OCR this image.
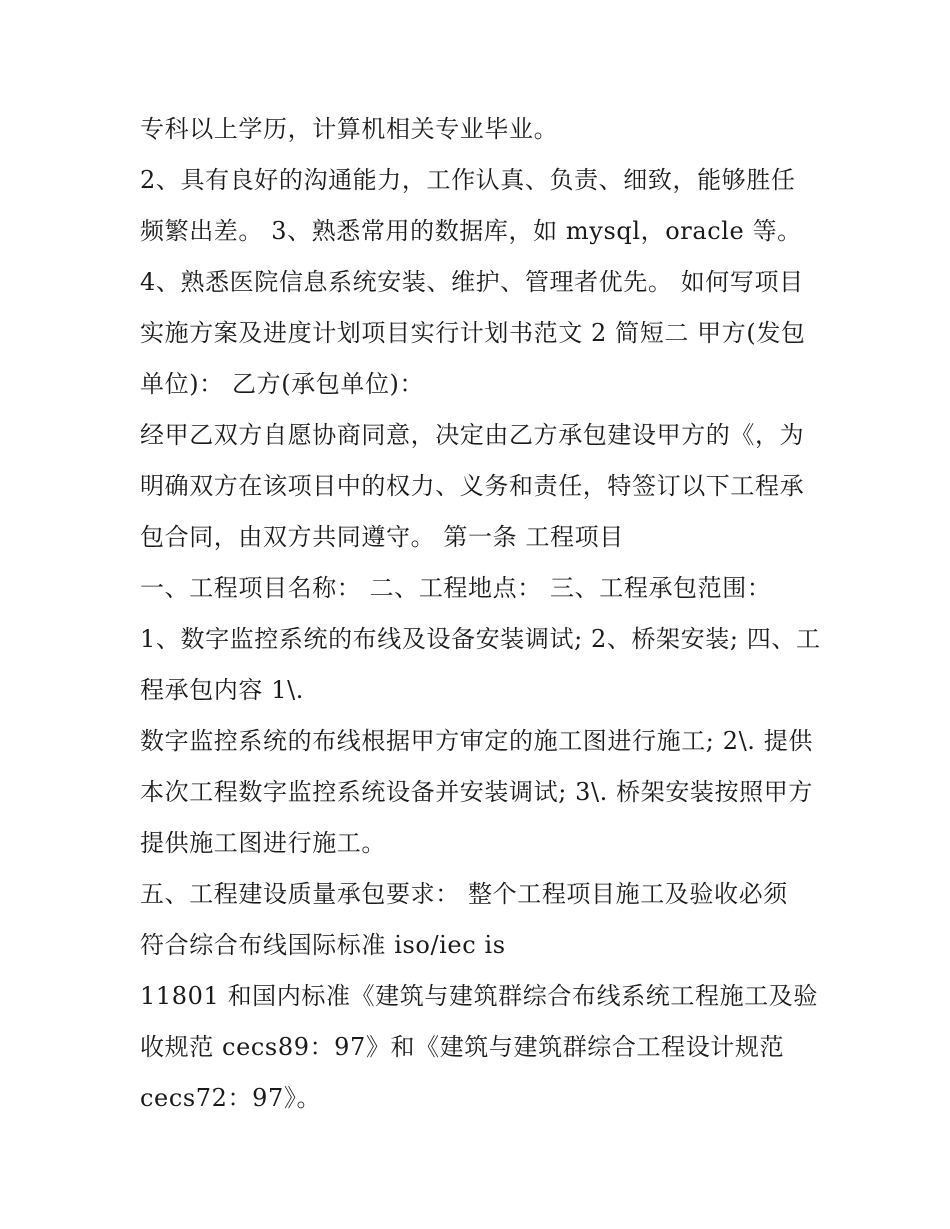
专科以上学历，计算机相关专业毕业。
2、具有良好的沟通能力，工作认真、负责、细致，能够胜任
频繁出差。 3、熟悉常用的数据库，如 mysql，oracle 等。
4、熟悉医院信息系统安装、维护、管理者优先。 如何写项目
实施方案及进度计划项目实行计划书范文 2 简短二 甲方(发包
单位)： 乙方(承包单位)：
经甲乙双方自愿协商同意，决定由乙方承包建设甲方的《，为
明确双方在该项目中的权力、义务和责任，特签订以下工程承
包合同，由双方共同遵守。 第一条 工程项目
一、工程项目名称： 二、工程地点： 三、工程承包范围：
1、数字监控系统的布线及设备安装调试; 2、桥架安装; 四、工
程承包内容 1\.
数字监控系统的布线根据甲方审定的施工图进行施工; 2\. 提供
本次工程数字监控系统设备并安装调试; 3\. 桥架安装按照甲方
提供施工图进行施工。
五、工程建设质量承包要求： 整个工程项目施工及验收必须
符合综合布线国际标准 iso/iec is
11801 和国内标准《建筑与建筑群综合布线系统工程施工及验
收规范 cecs89：97》和《建筑与建筑群综合工程设计规范
cecs72：97》。
